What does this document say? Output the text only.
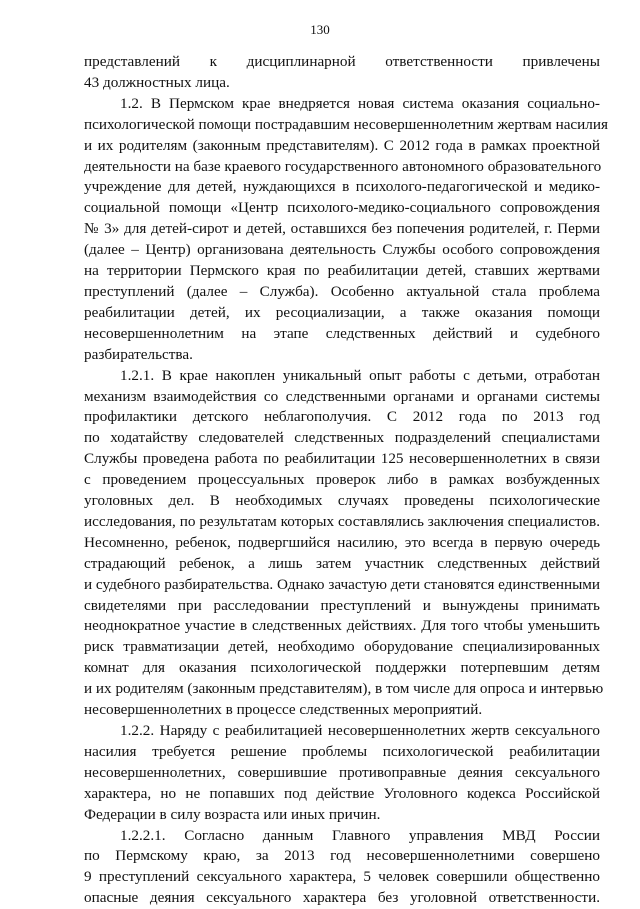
130
представлений к дисциплинарной ответственности привлечены
43 должностных лица.
1.2. В Пермском крае внедряется новая система оказания социально-
психологической помощи пострадавшим несовершеннолетним жертвам насилия
и их родителям (законным представителям). С 2012 года в рамках проектной
деятельности на базе краевого государственного автономного образовательного
учреждение для детей, нуждающихся в психолого-педагогической и медико-
социальной помощи «Центр психолого-медико-социального сопровождения
№ 3» для детей-сирот и детей, оставшихся без попечения родителей, г. Перми
(далее – Центр) организована деятельность Службы особого сопровождения
на территории Пермского края по реабилитации детей, ставших жертвами
преступлений (далее – Служба). Особенно актуальной стала проблема
реабилитации детей, их ресоциализации, а также оказания помощи
несовершеннолетним на этапе следственных действий и судебного
разбирательства.
1.2.1. В крае накоплен уникальный опыт работы с детьми, отработан
механизм взаимодействия со следственными органами и органами системы
профилактики детского неблагополучия. С 2012 года по 2013 год
по ходатайству следователей следственных подразделений специалистами
Службы проведена работа по реабилитации 125 несовершеннолетних в связи
с проведением процессуальных проверок либо в рамках возбужденных
уголовных дел. В необходимых случаях проведены психологические
исследования, по результатам которых составлялись заключения специалистов.
Несомненно, ребенок, подвергшийся насилию, это всегда в первую очередь
страдающий ребенок, а лишь затем участник следственных действий
и судебного разбирательства. Однако зачастую дети становятся единственными
свидетелями при расследовании преступлений и вынуждены принимать
неоднократное участие в следственных действиях. Для того чтобы уменьшить
риск травматизации детей, необходимо оборудование специализированных
комнат для оказания психологической поддержки потерпевшим детям
и их родителям (законным представителям), в том числе для опроса и интервью
несовершеннолетних в процессе следственных мероприятий.
1.2.2. Наряду с реабилитацией несовершеннолетних жертв сексуального
насилия требуется решение проблемы психологической реабилитации
несовершеннолетних, совершившие противоправные деяния сексуального
характера, но не попавших под действие Уголовного кодекса Российской
Федерации в силу возраста или иных причин.
1.2.2.1. Согласно данным Главного управления МВД России
по Пермскому краю, за 2013 год несовершеннолетними совершено
9 преступлений сексуального характера, 5 человек совершили общественно
опасные деяния сексуального характера без уголовной ответственности.
